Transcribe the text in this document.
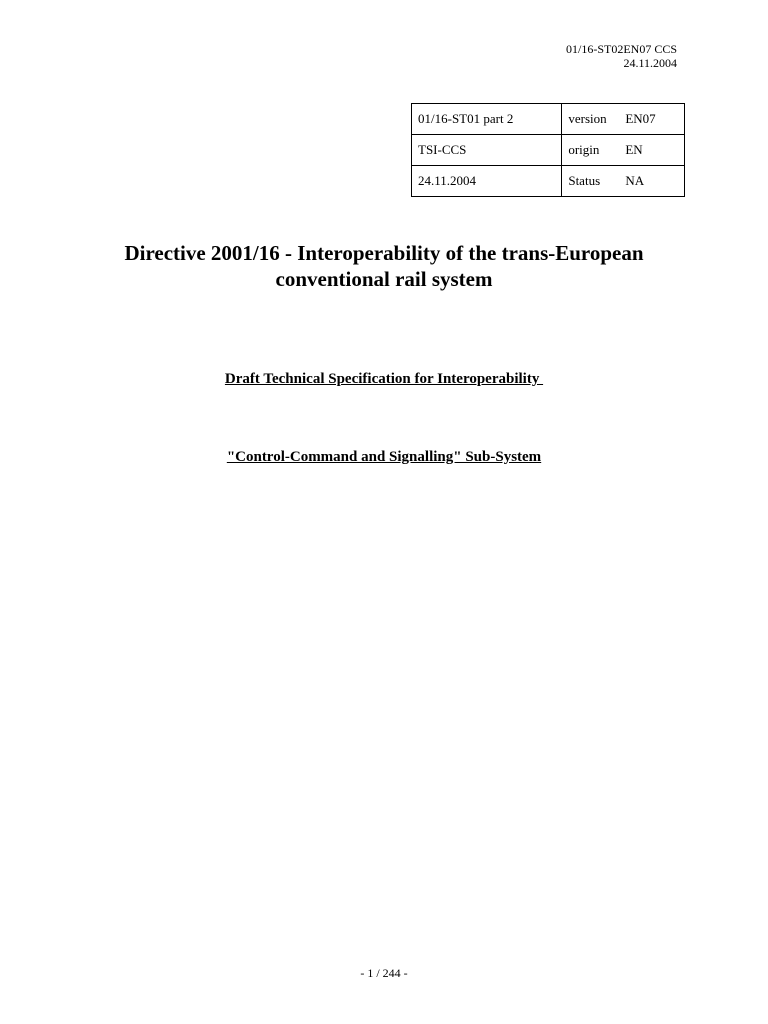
01/16-ST02EN07 CCS
24.11.2004
01/16-ST01 part 2	version EN07
TSI-CCS	origin EN
24.11.2004	Status NA
Directive 2001/16 - Interoperability of the trans-European
conventional rail system
Draft Technical Specification for Interoperability
"Control-Command and Signalling" Sub-System
- 1 / 244 -
